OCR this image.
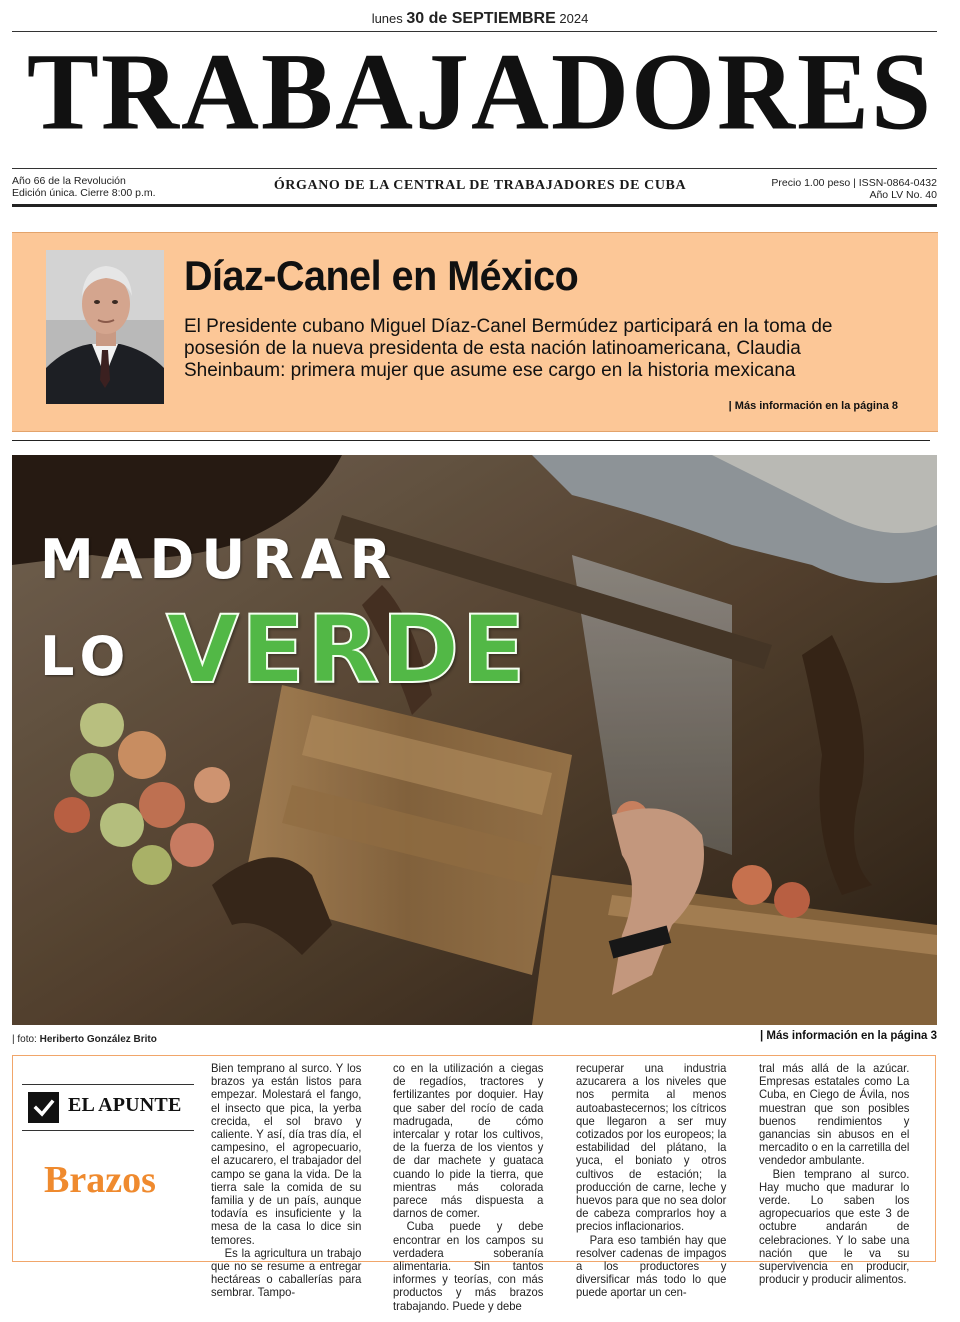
lunes 30 de SEPTIEMBRE 2024
TRABAJADORES
Año 66 de la Revolución
Edición única. Cierre 8:00 p.m.	ÓRGANO DE LA CENTRAL DE TRABAJADORES DE CUBA	Precio 1.00 peso | ISSN-0864-0432
Año LV No. 40
Díaz-Canel en México
El Presidente cubano Miguel Díaz-Canel Bermúdez participará en la toma de posesión de la nueva presidenta de esta nación latinoamericana, Claudia Sheinbaum: primera mujer que asume ese cargo en la historia mexicana
| Más información en la página 8
MADURAR
LO VERDE
| foto: Heriberto González Brito	| Más información en la página 3
EL APUNTE
Brazos

Bien temprano al surco. Y los brazos ya están listos para empezar. Molestará el fango, el insecto que pica, la yerba crecida, el sol bravo y caliente. Y así, día tras día, el campesino, el agropecuario, el azucarero, el trabajador del campo se gana la vida. De la tierra sale la comida de su familia y de un país, aunque todavía es insuficiente y la mesa de la casa lo dice sin temores.

Es la agricultura un trabajo que no se resume a entregar hectáreas o caballerías para sembrar. Tampo-

co en la utilización a ciegas de regadíos, tractores y fertilizantes por doquier. Hay que saber del rocío de cada madrugada, de cómo intercalar y rotar los cultivos, de la fuerza de los vientos y de dar machete y guataca cuando lo pide la tierra, que mientras más colorada parece más dispuesta a darnos de comer.

Cuba puede y debe encontrar en los campos su verdadera soberanía alimentaria. Sin tantos informes y teorías, con más productos y más brazos trabajando. Puede y debe

recuperar una industria azucarera a los niveles que nos permita al menos autoabastecernos; los cítricos que llegaron a ser muy cotizados por los europeos; la estabilidad del plátano, la yuca, el boniato y otros cultivos de estación; la producción de carne, leche y huevos para que no sea dolor de cabeza comprarlos hoy a precios inflacionarios.

Para eso también hay que resolver cadenas de impagos a los productores y diversificar más todo lo que puede aportar un cen-

tral más allá de la azúcar. Empresas estatales como La Cuba, en Ciego de Ávila, nos muestran que son posibles buenos rendimientos y ganancias sin abusos en el mercadito o en la carretilla del vendedor ambulante.

Bien temprano al surco. Hay mucho que madurar lo verde. Lo saben los agropecuarios que este 3 de octubre andarán de celebraciones. Y lo sabe una nación que le va su supervivencia en producir, producir y producir alimentos.
